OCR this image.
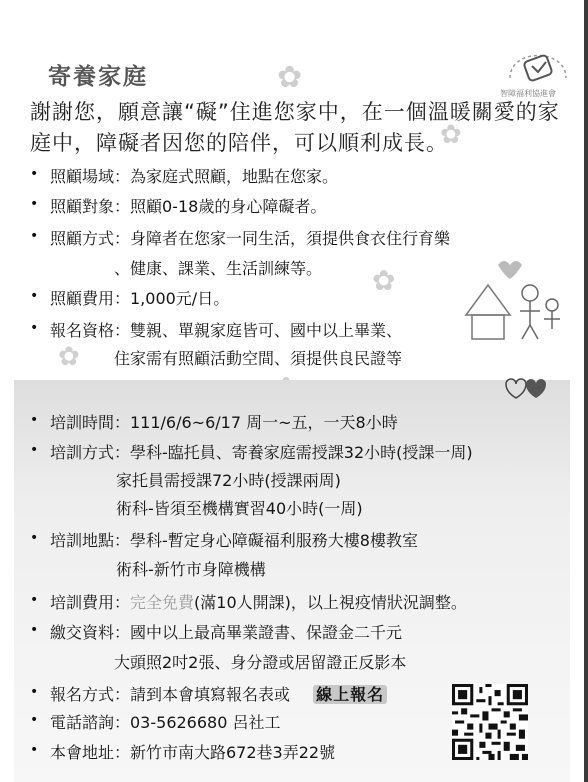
✿
✿
✿
✿
智障福利協進會
寄養家庭
謝謝您，願意讓“礙”住進您家中，在一個溫暖關愛的家庭中，障礙者因您的陪伴，可以順利成長。
• 照顧場域：為家庭式照顧，地點在您家。
• 照顧對象：照顧0-18歲的身心障礙者。
• 照顧方式：身障者在您家一同生活，須提供食衣住行育樂
、健康、課業、生活訓練等。
• 照顧費用：1,000元/日。
• 報名資格：雙親、單親家庭皆可、國中以上畢業、
住家需有照顧活動空間、須提供良民證等
• 培訓時間：111/6/6~6/17 周一~五，一天8小時
• 培訓方式：學科-臨托員、寄養家庭需授課32小時(授課一周)
家托員需授課72小時(授課兩周)
術科-皆須至機構實習40小時(一周)
• 培訓地點：學科-暫定身心障礙福利服務大樓8樓教室
術科-新竹市身障機構
• 培訓費用：完全免費(滿10人開課)，以上視疫情狀況調整。
• 繳交資料：國中以上最高畢業證書、保證金二千元
大頭照2吋2張、身分證或居留證正反影本
• 報名方式：請到本會填寫報名表或 線上報名
• 電話諮詢：03-5626680 呂社工
• 本會地址：新竹市南大路672巷3弄22號
